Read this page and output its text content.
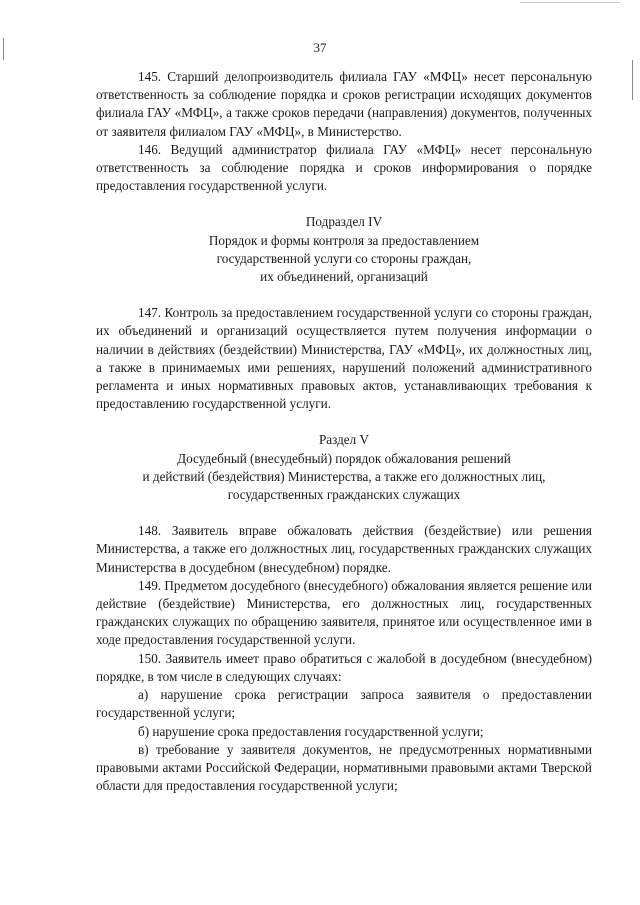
37

145. Старший делопроизводитель филиала ГАУ «МФЦ» несет персональную ответственность за соблюдение порядка и сроков регистрации исходящих документов филиала ГАУ «МФЦ», а также сроков передачи (направления) документов, полученных от заявителя филиалом ГАУ «МФЦ», в Министерство.

146. Ведущий администратор филиала ГАУ «МФЦ» несет персональную ответственность за соблюдение порядка и сроков информирования о порядке предоставления государственной услуги.

Подраздел IV
Порядок и формы контроля за предоставлением
государственной услуги со стороны граждан,
их объединений, организаций

147. Контроль за предоставлением государственной услуги со стороны граждан, их объединений и организаций осуществляется путем получения информации о наличии в действиях (бездействии) Министерства, ГАУ «МФЦ», их должностных лиц, а также в принимаемых ими решениях, нарушений положений административного регламента и иных нормативных правовых актов, устанавливающих требования к предоставлению государственной услуги.

Раздел V
Досудебный (внесудебный) порядок обжалования решений
и действий (бездействия) Министерства, а также его должностных лиц,
государственных гражданских служащих

148. Заявитель вправе обжаловать действия (бездействие) или решения Министерства, а также его должностных лиц, государственных гражданских служащих Министерства в досудебном (внесудебном) порядке.

149. Предметом досудебного (внесудебного) обжалования является решение или действие (бездействие) Министерства, его должностных лиц, государственных гражданских служащих по обращению заявителя, принятое или осуществленное ими в ходе предоставления государственной услуги.

150. Заявитель имеет право обратиться с жалобой в досудебном (внесудебном) порядке, в том числе в следующих случаях:

а) нарушение срока регистрации запроса заявителя о предоставлении государственной услуги;

б) нарушение срока предоставления государственной услуги;

в) требование у заявителя документов, не предусмотренных нормативными правовыми актами Российской Федерации, нормативными правовыми актами Тверской области для предоставления государственной услуги;
